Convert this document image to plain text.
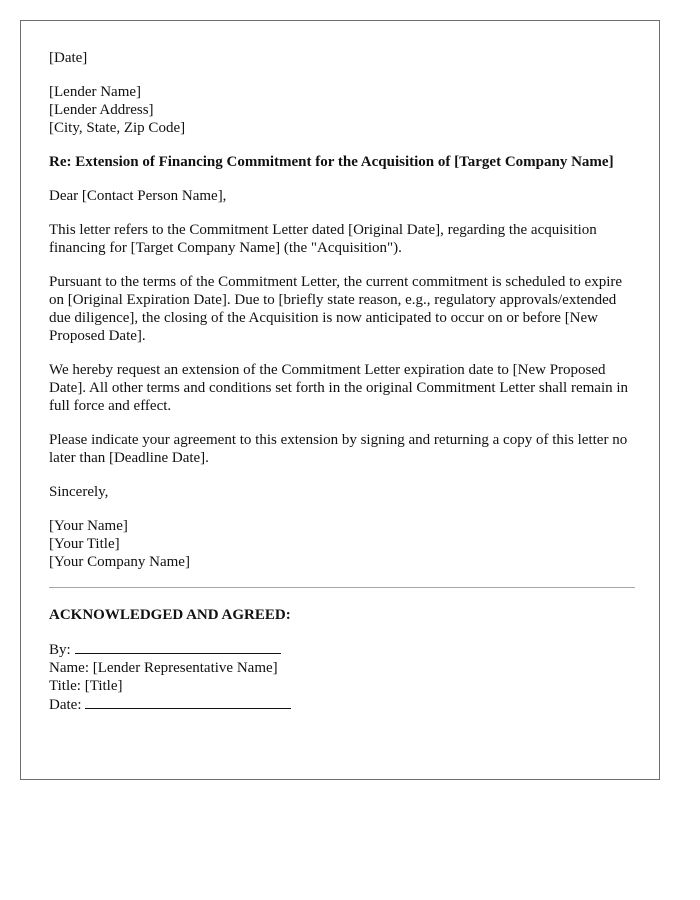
[Date]

[Lender Name]
[Lender Address]
[City, State, Zip Code]

Re: Extension of Financing Commitment for the Acquisition of [Target Company Name]

Dear [Contact Person Name],

This letter refers to the Commitment Letter dated [Original Date], regarding the acquisition financing for [Target Company Name] (the "Acquisition").

Pursuant to the terms of the Commitment Letter, the current commitment is scheduled to expire on [Original Expiration Date]. Due to [briefly state reason, e.g., regulatory approvals/extended due diligence], the closing of the Acquisition is now anticipated to occur on or before [New Proposed Date].

We hereby request an extension of the Commitment Letter expiration date to [New Proposed Date]. All other terms and conditions set forth in the original Commitment Letter shall remain in full force and effect.

Please indicate your agreement to this extension by signing and returning a copy of this letter no later than [Deadline Date].

Sincerely,

[Your Name]
[Your Title]
[Your Company Name]

ACKNOWLEDGED AND AGREED:

By:
Name: [Lender Representative Name]
Title: [Title]
Date:
